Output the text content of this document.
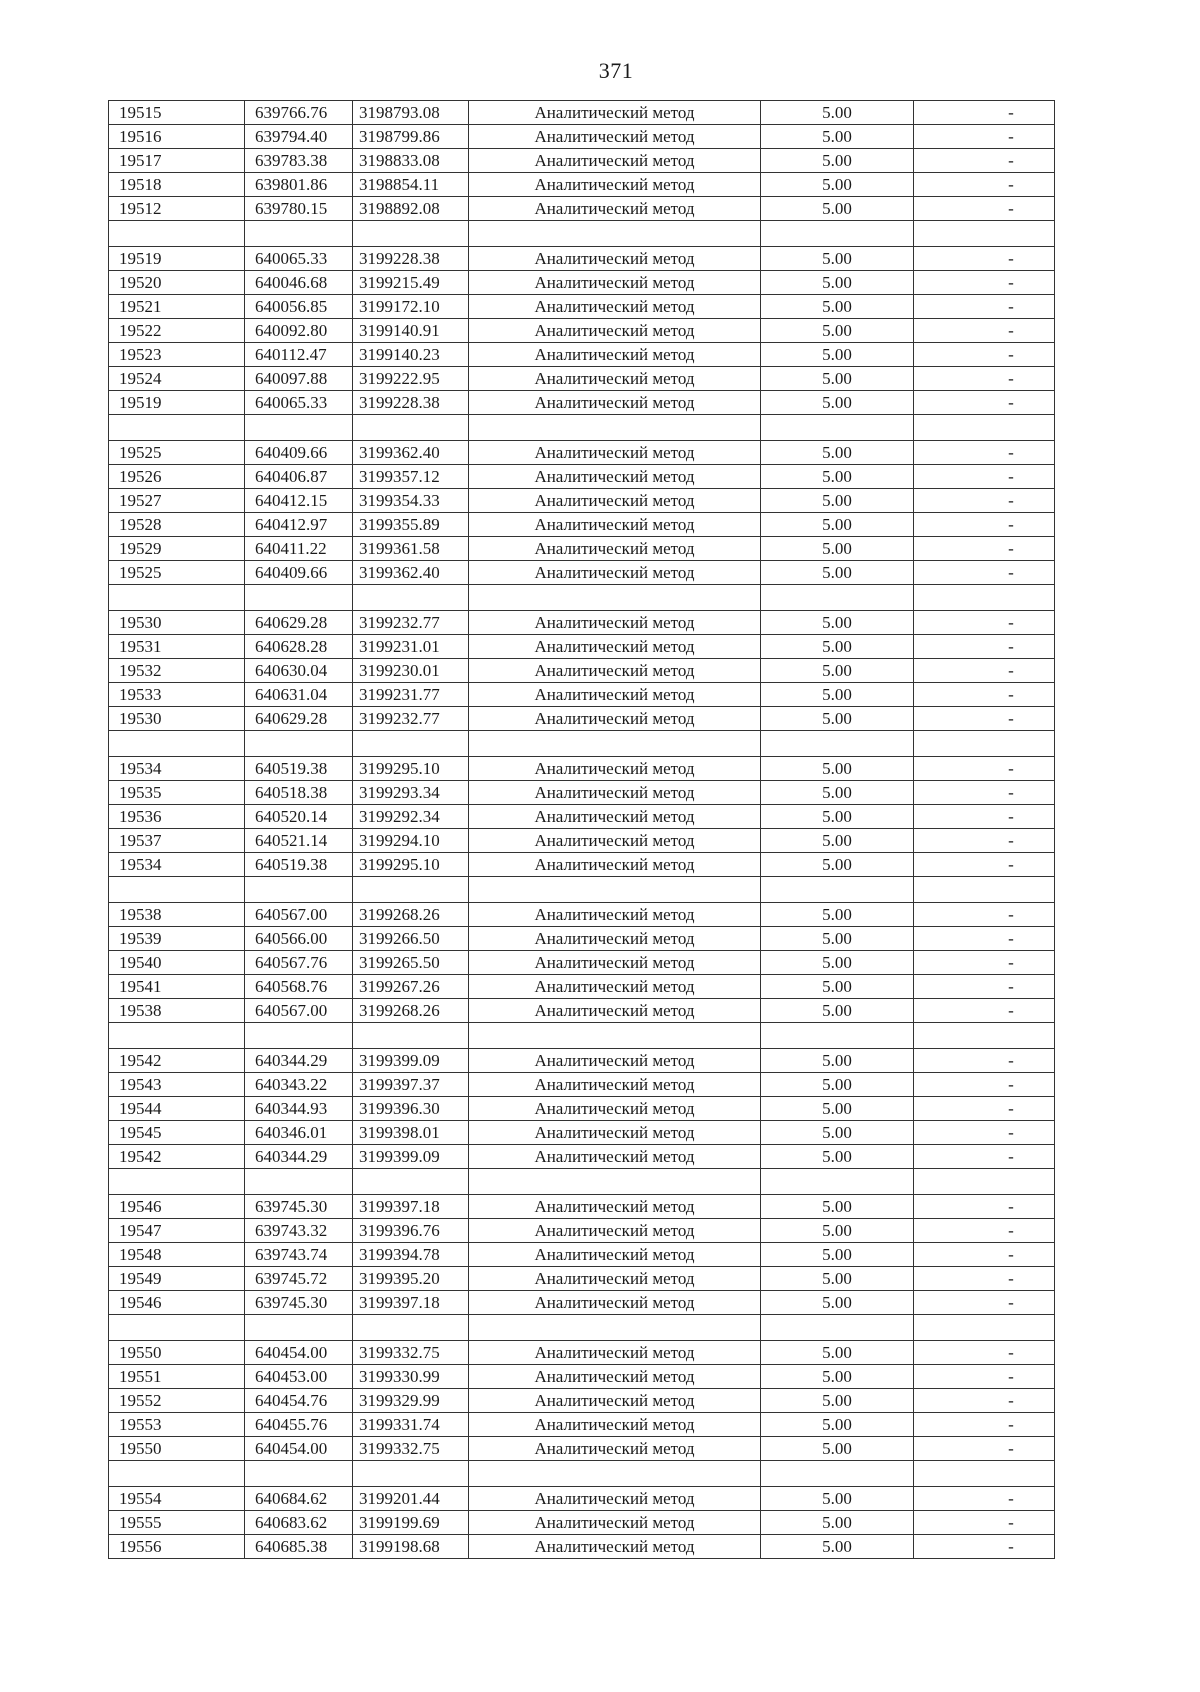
371
19515	639766.76	3198793.08	Аналитический метод	5.00	-
19516	639794.40	3198799.86	Аналитический метод	5.00	-
19517	639783.38	3198833.08	Аналитический метод	5.00	-
19518	639801.86	3198854.11	Аналитический метод	5.00	-
19512	639780.15	3198892.08	Аналитический метод	5.00	-

19519	640065.33	3199228.38	Аналитический метод	5.00	-
19520	640046.68	3199215.49	Аналитический метод	5.00	-
19521	640056.85	3199172.10	Аналитический метод	5.00	-
19522	640092.80	3199140.91	Аналитический метод	5.00	-
19523	640112.47	3199140.23	Аналитический метод	5.00	-
19524	640097.88	3199222.95	Аналитический метод	5.00	-
19519	640065.33	3199228.38	Аналитический метод	5.00	-

19525	640409.66	3199362.40	Аналитический метод	5.00	-
19526	640406.87	3199357.12	Аналитический метод	5.00	-
19527	640412.15	3199354.33	Аналитический метод	5.00	-
19528	640412.97	3199355.89	Аналитический метод	5.00	-
19529	640411.22	3199361.58	Аналитический метод	5.00	-
19525	640409.66	3199362.40	Аналитический метод	5.00	-

19530	640629.28	3199232.77	Аналитический метод	5.00	-
19531	640628.28	3199231.01	Аналитический метод	5.00	-
19532	640630.04	3199230.01	Аналитический метод	5.00	-
19533	640631.04	3199231.77	Аналитический метод	5.00	-
19530	640629.28	3199232.77	Аналитический метод	5.00	-

19534	640519.38	3199295.10	Аналитический метод	5.00	-
19535	640518.38	3199293.34	Аналитический метод	5.00	-
19536	640520.14	3199292.34	Аналитический метод	5.00	-
19537	640521.14	3199294.10	Аналитический метод	5.00	-
19534	640519.38	3199295.10	Аналитический метод	5.00	-

19538	640567.00	3199268.26	Аналитический метод	5.00	-
19539	640566.00	3199266.50	Аналитический метод	5.00	-
19540	640567.76	3199265.50	Аналитический метод	5.00	-
19541	640568.76	3199267.26	Аналитический метод	5.00	-
19538	640567.00	3199268.26	Аналитический метод	5.00	-

19542	640344.29	3199399.09	Аналитический метод	5.00	-
19543	640343.22	3199397.37	Аналитический метод	5.00	-
19544	640344.93	3199396.30	Аналитический метод	5.00	-
19545	640346.01	3199398.01	Аналитический метод	5.00	-
19542	640344.29	3199399.09	Аналитический метод	5.00	-

19546	639745.30	3199397.18	Аналитический метод	5.00	-
19547	639743.32	3199396.76	Аналитический метод	5.00	-
19548	639743.74	3199394.78	Аналитический метод	5.00	-
19549	639745.72	3199395.20	Аналитический метод	5.00	-
19546	639745.30	3199397.18	Аналитический метод	5.00	-

19550	640454.00	3199332.75	Аналитический метод	5.00	-
19551	640453.00	3199330.99	Аналитический метод	5.00	-
19552	640454.76	3199329.99	Аналитический метод	5.00	-
19553	640455.76	3199331.74	Аналитический метод	5.00	-
19550	640454.00	3199332.75	Аналитический метод	5.00	-

19554	640684.62	3199201.44	Аналитический метод	5.00	-
19555	640683.62	3199199.69	Аналитический метод	5.00	-
19556	640685.38	3199198.68	Аналитический метод	5.00	-
